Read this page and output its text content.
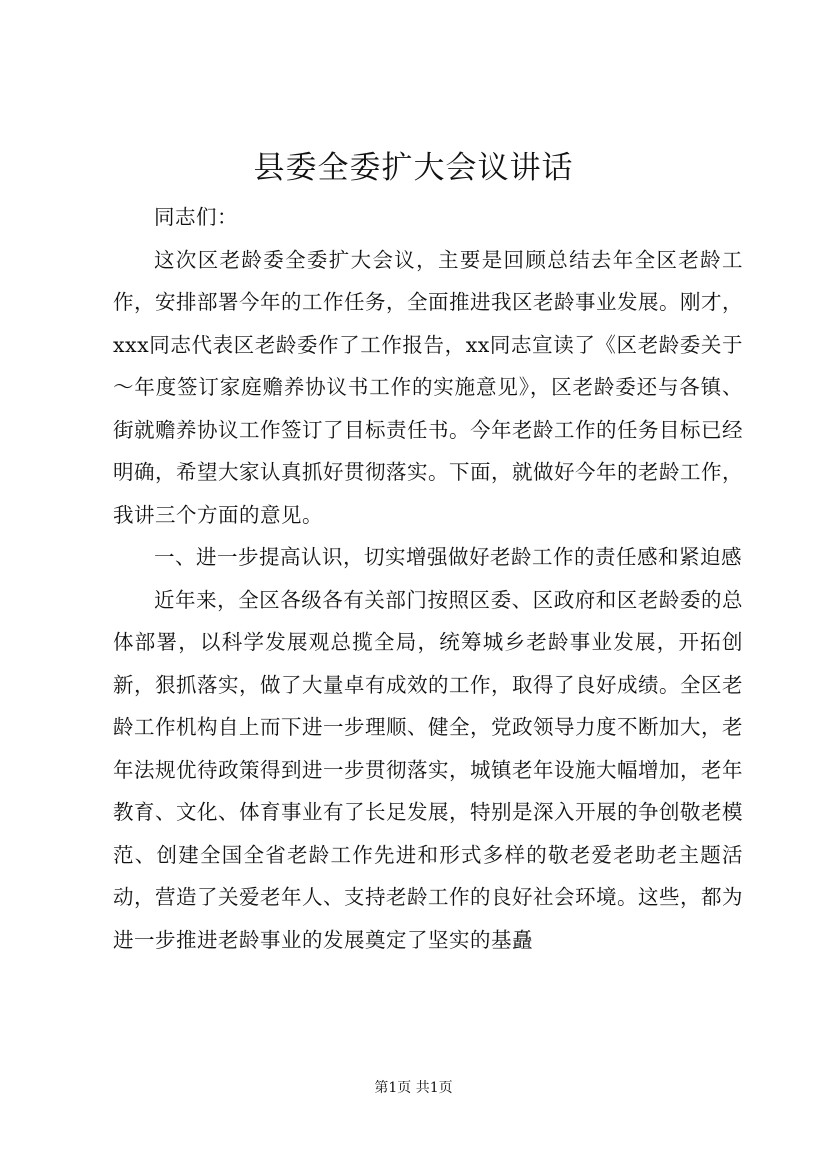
县委全委扩大会议讲话

同志们：

这次区老龄委全委扩大会议，主要是回顾总结去年全区老龄工作，安排部署今年的工作任务，全面推进我区老龄事业发展。刚才，xxx同志代表区老龄委作了工作报告，xx同志宣读了《区老龄委关于～年度签订家庭赡养协议书工作的实施意见》，区老龄委还与各镇、街就赡养协议工作签订了目标责任书。今年老龄工作的任务目标已经明确，希望大家认真抓好贯彻落实。下面，就做好今年的老龄工作，我讲三个方面的意见。

一、进一步提高认识，切实增强做好老龄工作的责任感和紧迫感

近年来，全区各级各有关部门按照区委、区政府和区老龄委的总体部署，以科学发展观总揽全局，统筹城乡老龄事业发展，开拓创新，狠抓落实，做了大量卓有成效的工作，取得了良好成绩。全区老龄工作机构自上而下进一步理顺、健全，党政领导力度不断加大，老年法规优待政策得到进一步贯彻落实，城镇老年设施大幅增加，老年教育、文化、体育事业有了长足发展，特别是深入开展的争创敬老模范、创建全国全省老龄工作先进和形式多样的敬老爱老助老主题活动，营造了关爱老年人、支持老龄工作的良好社会环境。这些，都为进一步推进老龄事业的发展奠定了坚实的基矗

第1页 共1页
